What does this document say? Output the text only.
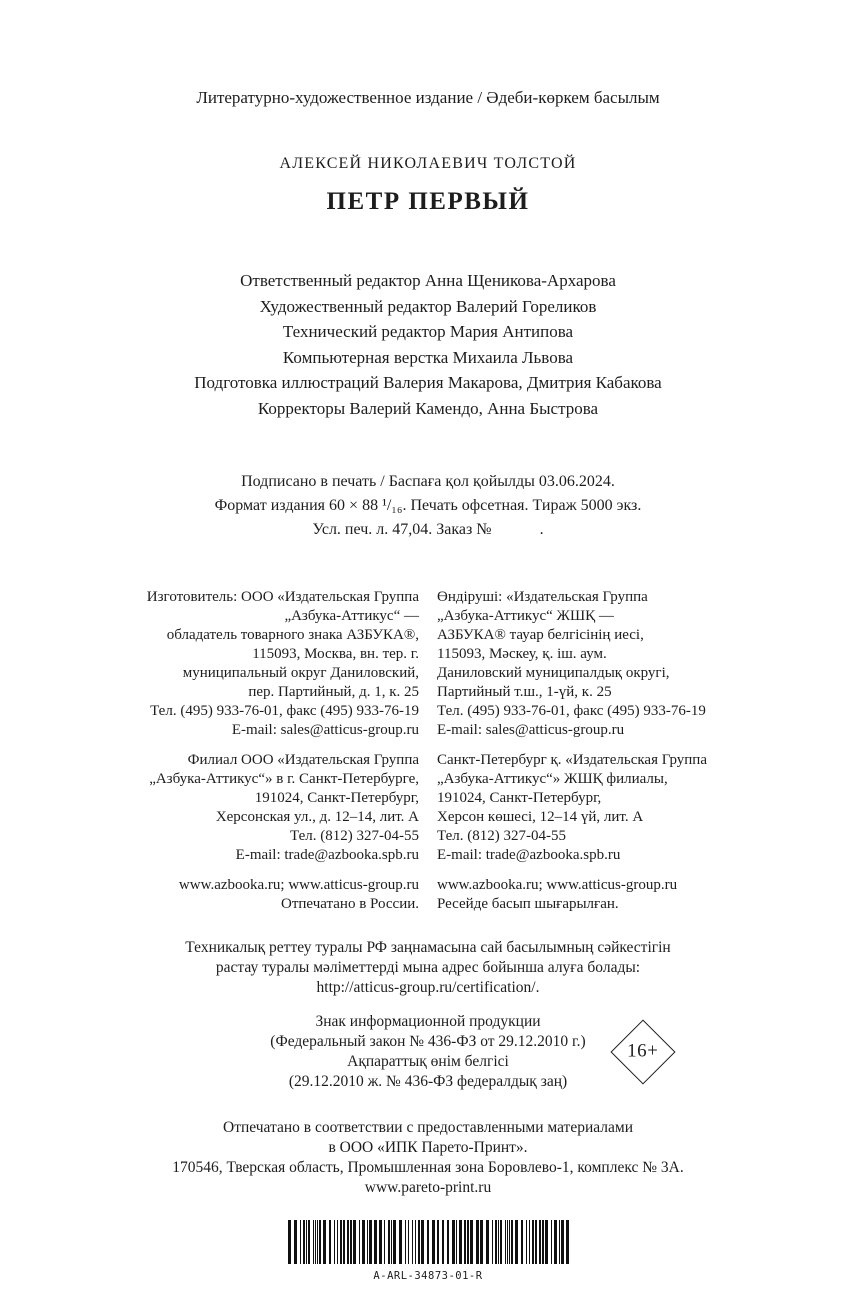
Литературно-художественное издание / Әдеби-көркем басылым
АЛЕКСЕЙ НИКОЛАЕВИЧ ТОЛСТОЙ
ПЕТР ПЕРВЫЙ
Ответственный редактор Анна Щеникова-Архарова
Художественный редактор Валерий Гореликов
Технический редактор Мария Антипова
Компьютерная верстка Михаила Львова
Подготовка иллюстраций Валерия Макарова, Дмитрия Кабакова
Корректоры Валерий Камендо, Анна Быстрова
Подписано в печать / Баспаға қол қойылды 03.06.2024.
Формат издания 60 × 88 ¹/₁₆. Печать офсетная. Тираж 5000 экз.
Усл. печ. л. 47,04. Заказ №            .
Изготовитель: ООО «Издательская Группа
„Азбука-Аттикус“ —
обладатель товарного знака АЗБУКА®,
115093, Москва, вн. тер. г.
муниципальный округ Даниловский,
пер. Партийный, д. 1, к. 25
Тел. (495) 933-76-01, факс (495) 933-76-19
E-mail: sales@atticus-group.ru
Филиал ООО «Издательская Группа
„Азбука-Аттикус“» в г. Санкт-Петербурге,
191024, Санкт-Петербург,
Херсонская ул., д. 12–14, лит. А
Тел. (812) 327-04-55
E-mail: trade@azbooka.spb.ru
www.azbooka.ru; www.atticus-group.ru
Отпечатано в России.
Өндіруші: «Издательская Группа
„Азбука-Аттикус“ ЖШҚ —
АЗБУКА® тауар белгісінің иесі,
115093, Мәскеу, қ. іш. аум.
Даниловский муниципалдық округі,
Партийный т.ш., 1-үй, к. 25
Тел. (495) 933-76-01, факс (495) 933-76-19
E-mail: sales@atticus-group.ru
Санкт-Петербург қ. «Издательская Группа
„Азбука-Аттикус“» ЖШҚ филиалы,
191024, Санкт-Петербург,
Херсон көшесі, 12–14 үй, лит. А
Тел. (812) 327-04-55
E-mail: trade@azbooka.spb.ru
www.azbooka.ru; www.atticus-group.ru
Ресейде басып шығарылған.
Техникалық реттеу туралы РФ заңнамасына сай басылымның сәйкестігін
растау туралы мәліметтерді мына адрес бойынша алуға болады:
http://atticus-group.ru/certification/.
Знак информационной продукции
(Федеральный закон № 436-ФЗ от 29.12.2010 г.)
Ақпараттық өнім белгісі
(29.12.2010 ж. № 436-ФЗ федералдық заң)
16+
Отпечатано в соответствии с предоставленными материалами
в ООО «ИПК Парето-Принт».
170546, Тверская область, Промышленная зона Боровлево-1, комплекс № 3А.
www.pareto-print.ru
A-ARL-34873-01-R
